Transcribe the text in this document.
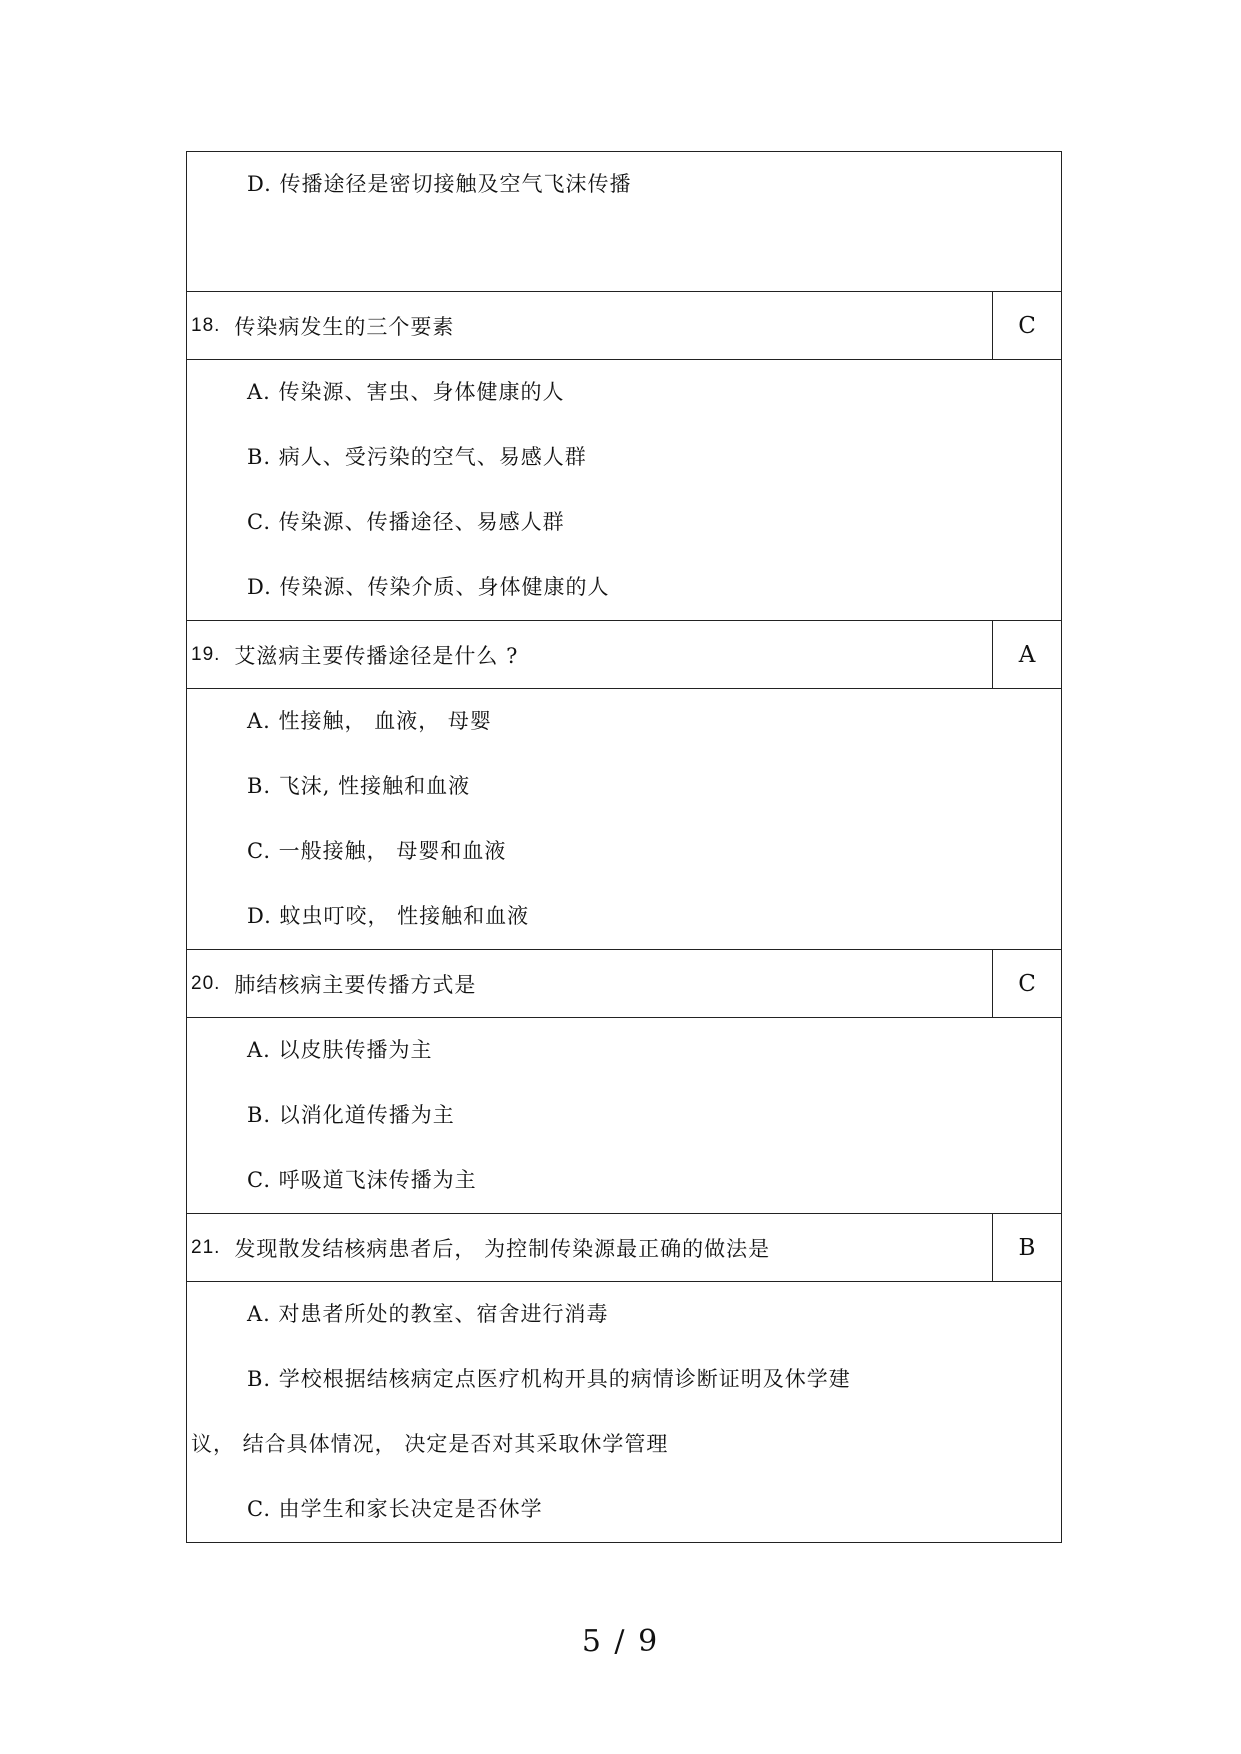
D. 传播途径是密切接触及空气飞沫传播	

18. 传染病发生的三个要素	C

A. 传染源、害虫、身体健康的人
B. 病人、受污染的空气、易感人群
C. 传染源、传播途径、易感人群
D. 传染源、传染介质、身体健康的人	

19. 艾滋病主要传播途径是什么 ?	A

A. 性接触， 血液， 母婴
B. 飞沫, 性接触和血液
C. 一般接触， 母婴和血液
D. 蚊虫叮咬， 性接触和血液	

20. 肺结核病主要传播方式是	C

A. 以皮肤传播为主
B. 以消化道传播为主
C. 呼吸道飞沫传播为主	

21. 发现散发结核病患者后， 为控制传染源最正确的做法是	B

A. 对患者所处的教室、宿舍进行消毒
B. 学校根据结核病定点医疗机构开具的病情诊断证明及休学建
议， 结合具体情况， 决定是否对其采取休学管理
C. 由学生和家长决定是否休学	
5 / 9
